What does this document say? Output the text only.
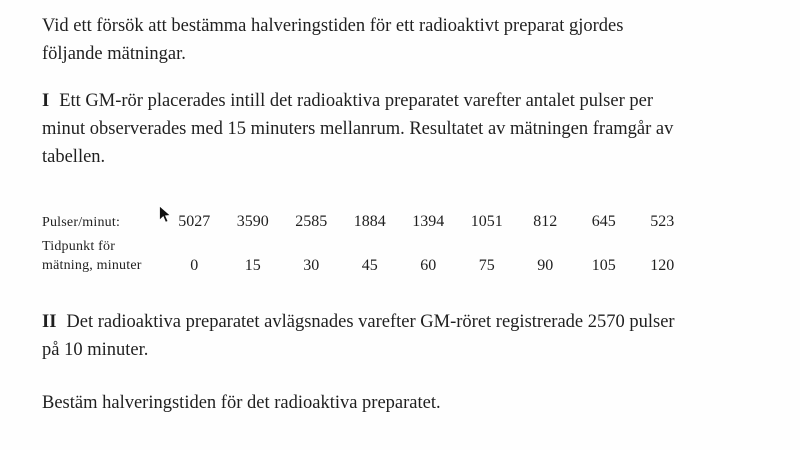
Vid ett försök att bestämma halveringstiden för ett radioaktivt preparat gjordes
följande mätningar.

I Ett GM-rör placerades intill det radioaktiva preparatet varefter antalet pulser per
minut observerades med 15 minuters mellanrum. Resultatet av mätningen framgår av
tabellen.

Pulser/minut:	5027	3590	2585	1884	1394	1051	812	645	523
Tidpunkt för
mätning, minuter	0	15	30	45	60	75	90	105	120

II Det radioaktiva preparatet avlägsnades varefter GM-röret registrerade 2570 pulser
på 10 minuter.

Bestäm halveringstiden för det radioaktiva preparatet.
